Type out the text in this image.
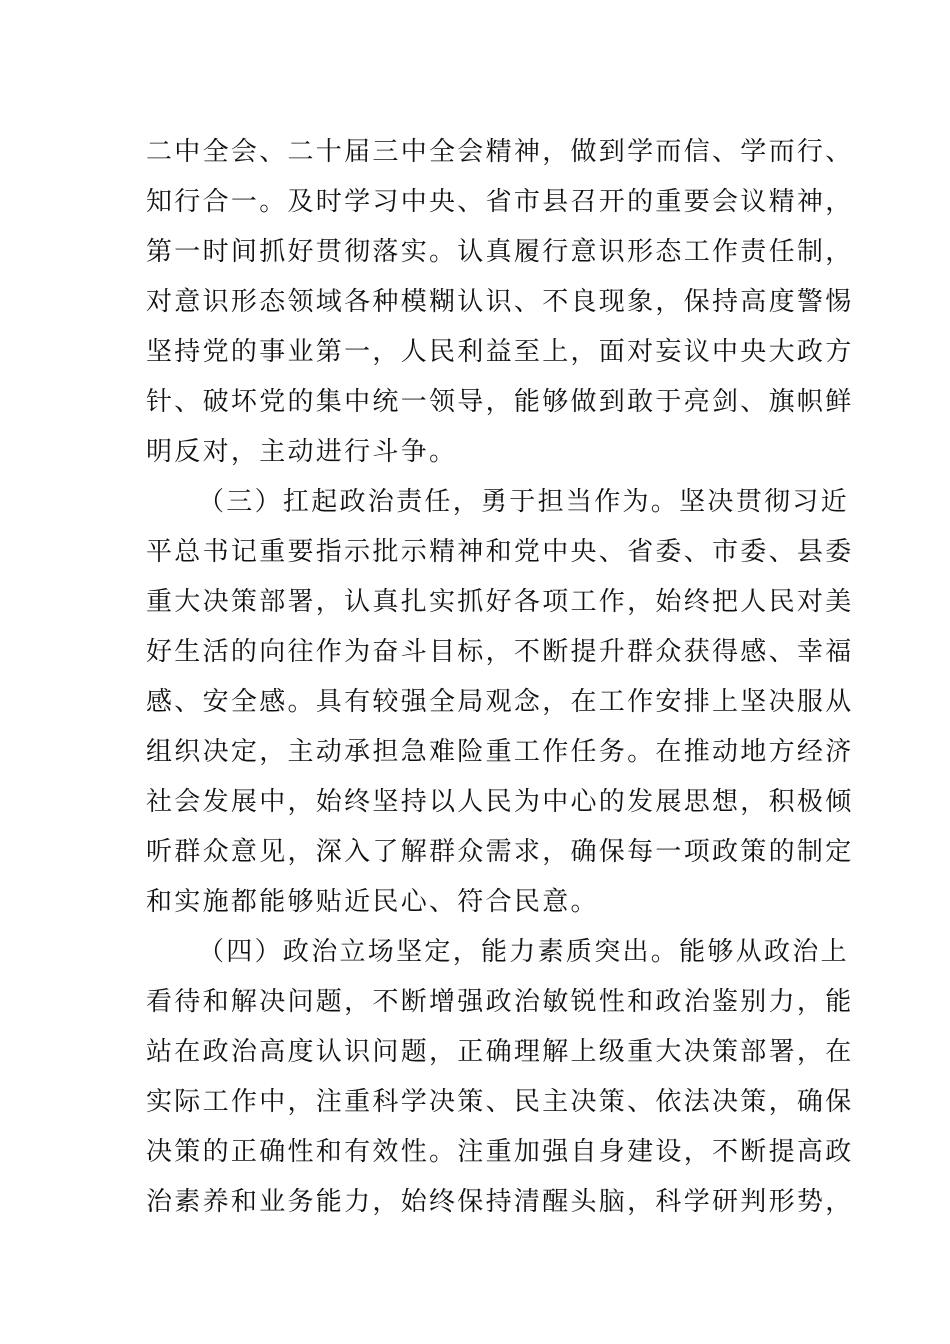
二中全会、二十届三中全会精神，做到学而信、学而行、
知行合一。及时学习中央、省市县召开的重要会议精神，
第一时间抓好贯彻落实。认真履行意识形态工作责任制，
对意识形态领域各种模糊认识、不良现象，保持高度警惕
坚持党的事业第一，人民利益至上，面对妄议中央大政方
针、破坏党的集中统一领导，能够做到敢于亮剑、旗帜鲜
明反对，主动进行斗争。
（三）扛起政治责任，勇于担当作为。坚决贯彻习近
平总书记重要指示批示精神和党中央、省委、市委、县委
重大决策部署，认真扎实抓好各项工作，始终把人民对美
好生活的向往作为奋斗目标，不断提升群众获得感、幸福
感、安全感。具有较强全局观念，在工作安排上坚决服从
组织决定，主动承担急难险重工作任务。在推动地方经济
社会发展中，始终坚持以人民为中心的发展思想，积极倾
听群众意见，深入了解群众需求，确保每一项政策的制定
和实施都能够贴近民心、符合民意。
（四）政治立场坚定，能力素质突出。能够从政治上
看待和解决问题，不断增强政治敏锐性和政治鉴别力，能
站在政治高度认识问题，正确理解上级重大决策部署，在
实际工作中，注重科学决策、民主决策、依法决策，确保
决策的正确性和有效性。注重加强自身建设，不断提高政
治素养和业务能力，始终保持清醒头脑，科学研判形势，
